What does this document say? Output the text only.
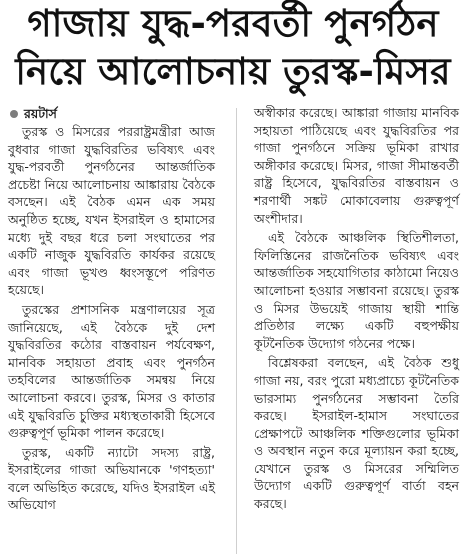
গাজায় যুদ্ধ-পরবর্তী পুনর্গঠন
নিয়ে আলোচনায় তুরস্ক-মিসর
রয়টার্স

তুরস্ক ও মিসরের পররাষ্ট্রমন্ত্রীরা আজ বুধবার গাজা যুদ্ধবিরতির ভবিষ্যৎ এবং যুদ্ধ-পরবর্তী পুনর্গঠনের আন্তর্জাতিক প্রচেষ্টা নিয়ে আলোচনায় আঙ্কারায় বৈঠকে বসছেন। এই বৈঠক এমন এক সময় অনুষ্ঠিত হচ্ছে, যখন ইসরাইল ও হামাসের মধ্যে দুই বছর ধরে চলা সংঘাতের পর একটি নাজুক যুদ্ধবিরতি কার্যকর রয়েছে এবং গাজা ভূখণ্ড ধ্বংসস্তূপে পরিণত হয়েছে।

তুরস্কের প্রশাসনিক মন্ত্রণালয়ের সূত্র জানিয়েছে, এই বৈঠকে দুই দেশ যুদ্ধবিরতির কঠোর বাস্তবায়ন পর্যবেক্ষণ, মানবিক সহায়তা প্রবাহ এবং পুনর্গঠন তহবিলের আন্তর্জাতিক সমন্বয় নিয়ে আলোচনা করবে। তুরস্ক, মিসর ও কাতার এই যুদ্ধবিরতি চুক্তির মধ্যস্থতাকারী হিসেবে গুরুত্বপূর্ণ ভূমিকা পালন করেছে।

তুরস্ক, একটি ন্যাটো সদস্য রাষ্ট্র, ইসরাইলের গাজা অভিযানকে 'গণহত্যা' বলে অভিহিত করেছে, যদিও ইসরাইল এই অভিযোগ

অস্বীকার করেছে। আঙ্কারা গাজায় মানবিক সহায়তা পাঠিয়েছে এবং যুদ্ধবিরতির পর গাজা পুনর্গঠনে সক্রিয় ভূমিকা রাখার অঙ্গীকার করেছে। মিসর, গাজা সীমান্তবর্তী রাষ্ট্র হিসেবে, যুদ্ধবিরতির বাস্তবায়ন ও শরণার্থী সঙ্কট মোকাবেলায় গুরুত্বপূর্ণ অংশীদার।

এই বৈঠকে আঞ্চলিক স্থিতিশীলতা, ফিলিস্তিনের রাজনৈতিক ভবিষ্যৎ এবং আন্তর্জাতিক সহযোগিতার কাঠামো নিয়েও আলোচনা হওয়ার সম্ভাবনা রয়েছে। তুরস্ক ও মিসর উভয়েই গাজায় স্থায়ী শান্তি প্রতিষ্ঠার লক্ষ্যে একটি বহুপক্ষীয় কূটনৈতিক উদ্যোগ গঠনের পক্ষে।

বিশ্লেষকরা বলছেন, এই বৈঠক শুধু গাজা নয়, বরং পুরো মধ্যপ্রাচ্যে কূটনৈতিক ভারসাম্য পুনর্গঠনের সম্ভাবনা তৈরি করছে। ইসরাইল-হামাস সংঘাতের প্রেক্ষাপটে আঞ্চলিক শক্তিগুলোর ভূমিকা ও অবস্থান নতুন করে মূল্যায়ন করা হচ্ছে, যেখানে তুরস্ক ও মিসরের সম্মিলিত উদ্যোগ একটি গুরুত্বপূর্ণ বার্তা বহন করছে।
